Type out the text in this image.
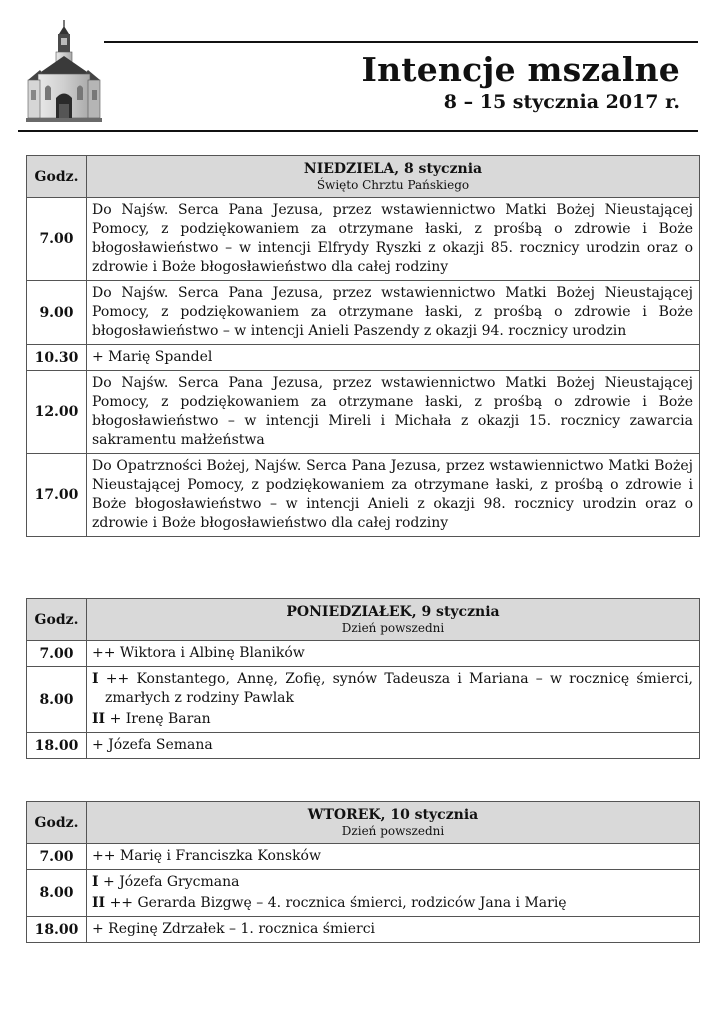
Intencje mszalne
8 – 15 stycznia 2017 r.
Godz.	NIEDZIELA, 8 stycznia
Święto Chrztu Pańskiego

7.00	Do Najśw. Serca Pana Jezusa, przez wstawiennictwo Matki Bożej Nieustającej Pomocy, z podziękowaniem za otrzymane łaski, z prośbą o zdrowie i Boże błogosławieństwo – w intencji Elfrydy Ryszki z okazji 85. rocznicy urodzin oraz o zdrowie i Boże błogosławieństwo dla całej rodziny
9.00	Do Najśw. Serca Pana Jezusa, przez wstawiennictwo Matki Bożej Nieustającej Pomocy, z podziękowaniem za otrzymane łaski, z prośbą o zdrowie i Boże błogosławieństwo – w intencji Anieli Paszendy z okazji 94. rocznicy urodzin
10.30	+ Marię Spandel
12.00	Do Najśw. Serca Pana Jezusa, przez wstawiennictwo Matki Bożej Nieustającej Pomocy, z podziękowaniem za otrzymane łaski, z prośbą o zdrowie i Boże błogosławieństwo – w intencji Mireli i Michała z okazji 15. rocznicy zawarcia sakramentu małżeństwa
17.00	Do Opatrzności Bożej, Najśw. Serca Pana Jezusa, przez wstawiennictwo Matki Bożej Nieustającej Pomocy, z podziękowaniem za otrzymane łaski, z prośbą o zdrowie i Boże błogosławieństwo – w intencji Anieli z okazji 98. rocznicy urodzin oraz o zdrowie i Boże błogosławieństwo dla całej rodziny
Godz.	PONIEDZIAŁEK, 9 stycznia
Dzień powszedni

7.00	++ Wiktora i Albinę Blaników
8.00	I ++ Konstantego, Annę, Zofię, synów Tadeusza i Mariana – w rocznicę śmierci, zmarłych z rodziny Pawlak
II + Irenę Baran

18.00	+ Józefa Semana
Godz.	WTOREK, 10 stycznia
Dzień powszedni

7.00	++ Marię i Franciszka Konsków
8.00	I + Józefa Grycmana
II ++ Gerarda Bizgwę – 4. rocznica śmierci, rodziców Jana i Marię

18.00	+ Reginę Zdrzałek – 1. rocznica śmierci
